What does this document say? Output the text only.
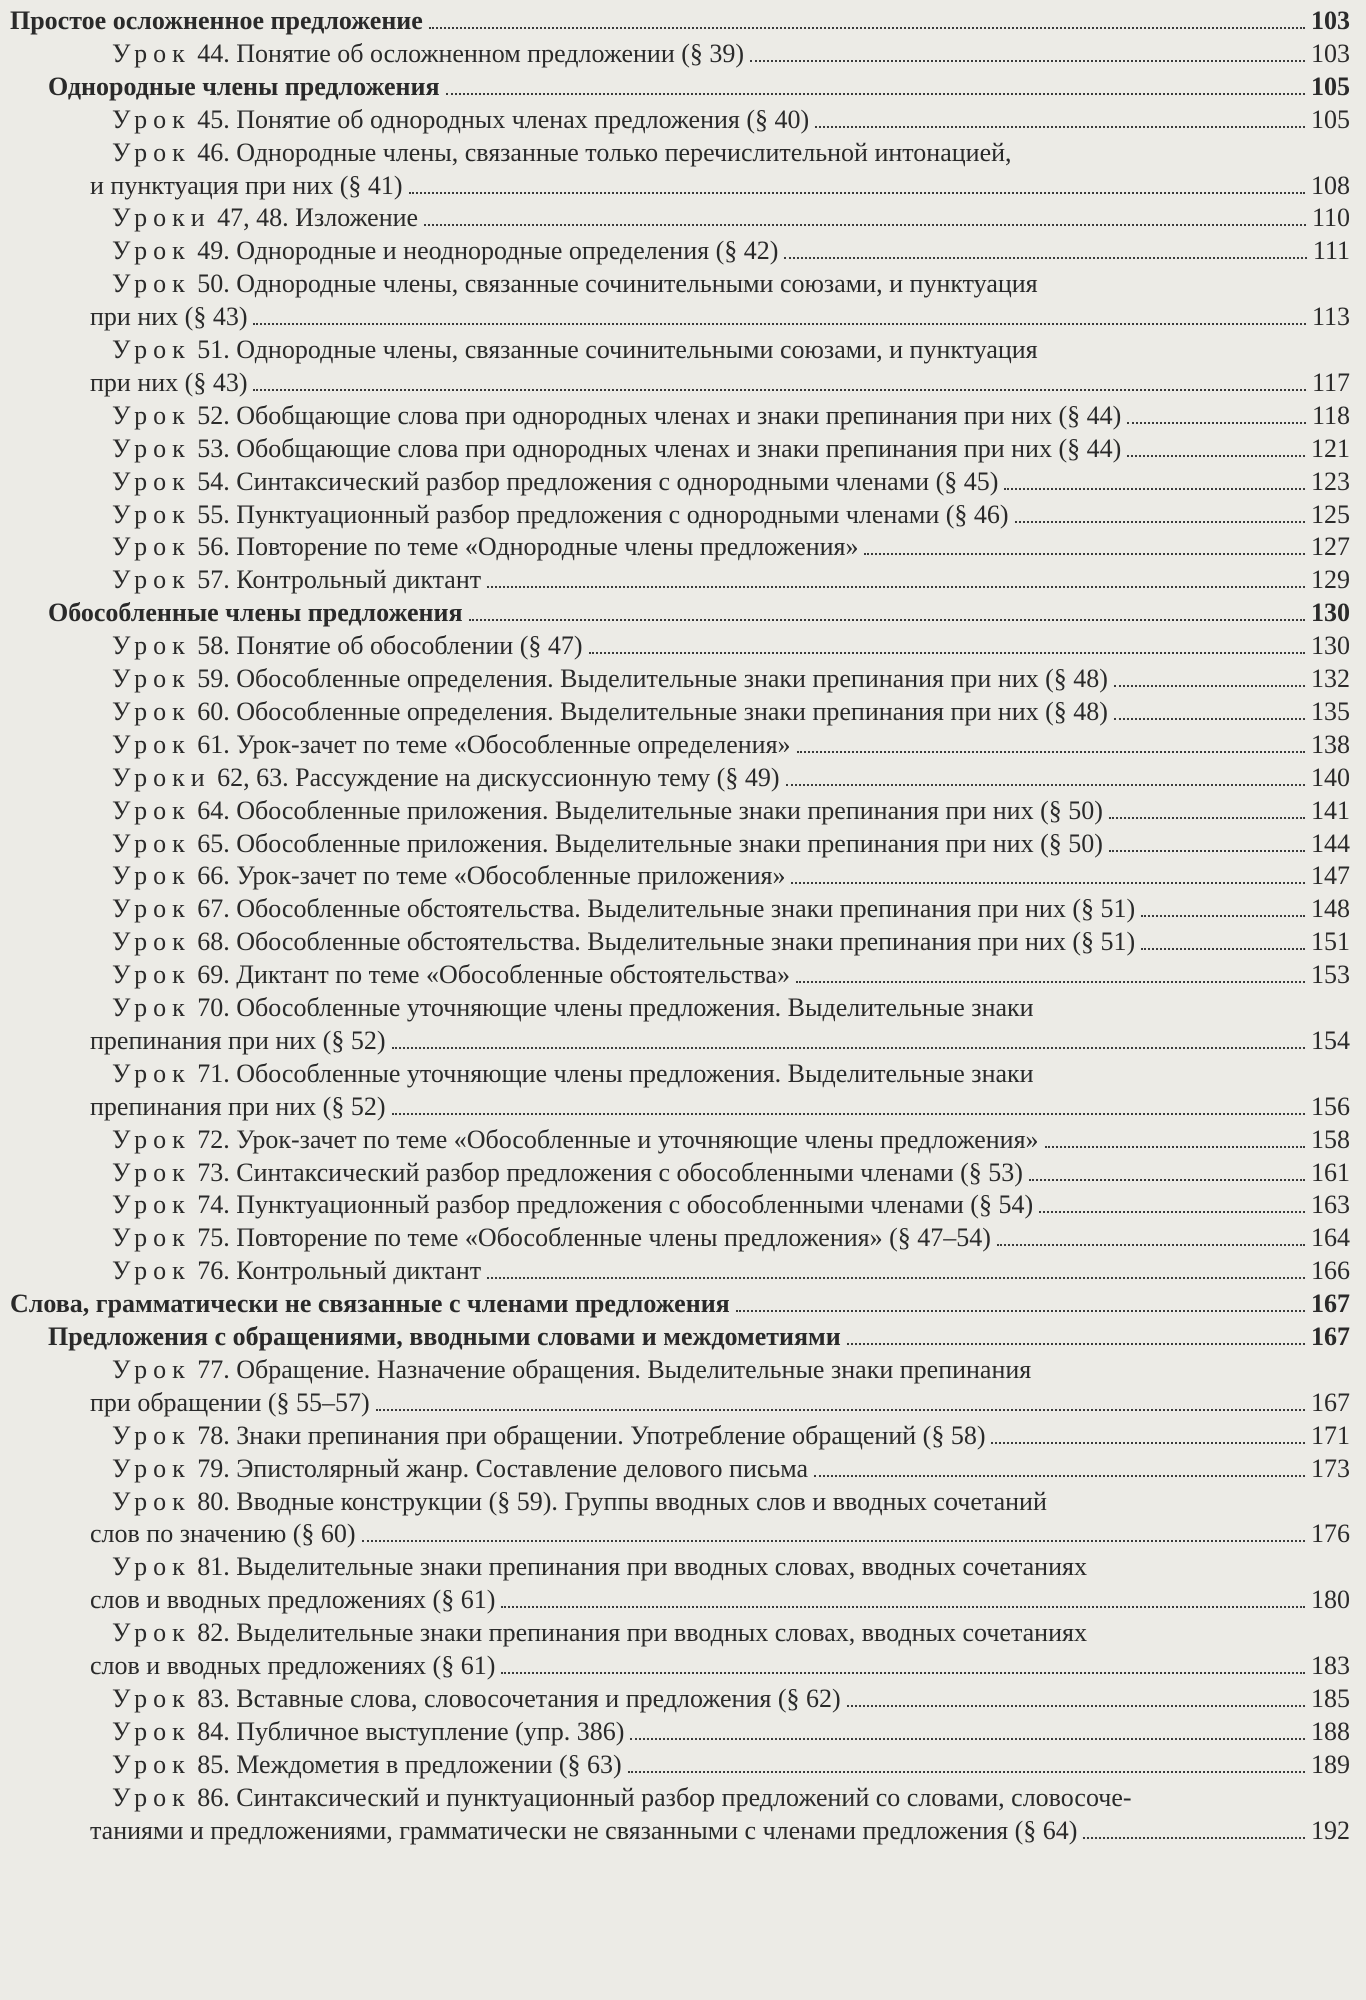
Простое осложненное предложение	103
Урок 44. Понятие об осложненном предложении (§ 39)	103
Однородные члены предложения	105
Урок 45. Понятие об однородных членах предложения (§ 40)	105
Урок 46. Однородные члены, связанные только перечислительной интонацией,
и пунктуация при них (§ 41)	108
Уроки 47, 48. Изложение	110
Урок 49. Однородные и неоднородные определения (§ 42)	111
Урок 50. Однородные члены, связанные сочинительными союзами, и пунктуация
при них (§ 43)	113
Урок 51. Однородные члены, связанные сочинительными союзами, и пунктуация
при них (§ 43)	117
Урок 52. Обобщающие слова при однородных членах и знаки препинания при них (§ 44)	118
Урок 53. Обобщающие слова при однородных членах и знаки препинания при них (§ 44)	121
Урок 54. Синтаксический разбор предложения с однородными членами (§ 45)	123
Урок 55. Пунктуационный разбор предложения с однородными членами (§ 46)	125
Урок 56. Повторение по теме «Однородные члены предложения»	127
Урок 57. Контрольный диктант	129
Обособленные члены предложения	130
Урок 58. Понятие об обособлении (§ 47)	130
Урок 59. Обособленные определения. Выделительные знаки препинания при них (§ 48)	132
Урок 60. Обособленные определения. Выделительные знаки препинания при них (§ 48)	135
Урок 61. Урок-зачет по теме «Обособленные определения»	138
Уроки 62, 63. Рассуждение на дискуссионную тему (§ 49)	140
Урок 64. Обособленные приложения. Выделительные знаки препинания при них (§ 50)	141
Урок 65. Обособленные приложения. Выделительные знаки препинания при них (§ 50)	144
Урок 66. Урок-зачет по теме «Обособленные приложения»	147
Урок 67. Обособленные обстоятельства. Выделительные знаки препинания при них (§ 51)	148
Урок 68. Обособленные обстоятельства. Выделительные знаки препинания при них (§ 51)	151
Урок 69. Диктант по теме «Обособленные обстоятельства»	153
Урок 70. Обособленные уточняющие члены предложения. Выделительные знаки
препинания при них (§ 52)	154
Урок 71. Обособленные уточняющие члены предложения. Выделительные знаки
препинания при них (§ 52)	156
Урок 72. Урок-зачет по теме «Обособленные и уточняющие члены предложения»	158
Урок 73. Синтаксический разбор предложения с обособленными членами (§ 53)	161
Урок 74. Пунктуационный разбор предложения с обособленными членами (§ 54)	163
Урок 75. Повторение по теме «Обособленные члены предложения» (§ 47–54)	164
Урок 76. Контрольный диктант	166
Слова, грамматически не связанные с членами предложения	167
Предложения с обращениями, вводными словами и междометиями	167
Урок 77. Обращение. Назначение обращения. Выделительные знаки препинания
при обращении (§ 55–57)	167
Урок 78. Знаки препинания при обращении. Употребление обращений (§ 58)	171
Урок 79. Эпистолярный жанр. Составление делового письма	173
Урок 80. Вводные конструкции (§ 59). Группы вводных слов и вводных сочетаний
слов по значению (§ 60)	176
Урок 81. Выделительные знаки препинания при вводных словах, вводных сочетаниях
слов и вводных предложениях (§ 61)	180
Урок 82. Выделительные знаки препинания при вводных словах, вводных сочетаниях
слов и вводных предложениях (§ 61)	183
Урок 83. Вставные слова, словосочетания и предложения (§ 62)	185
Урок 84. Публичное выступление (упр. 386)	188
Урок 85. Междометия в предложении (§ 63)	189
Урок 86. Синтаксический и пунктуационный разбор предложений со словами, словосоче-
таниями и предложениями, грамматически не связанными с членами предложения (§ 64)	192
